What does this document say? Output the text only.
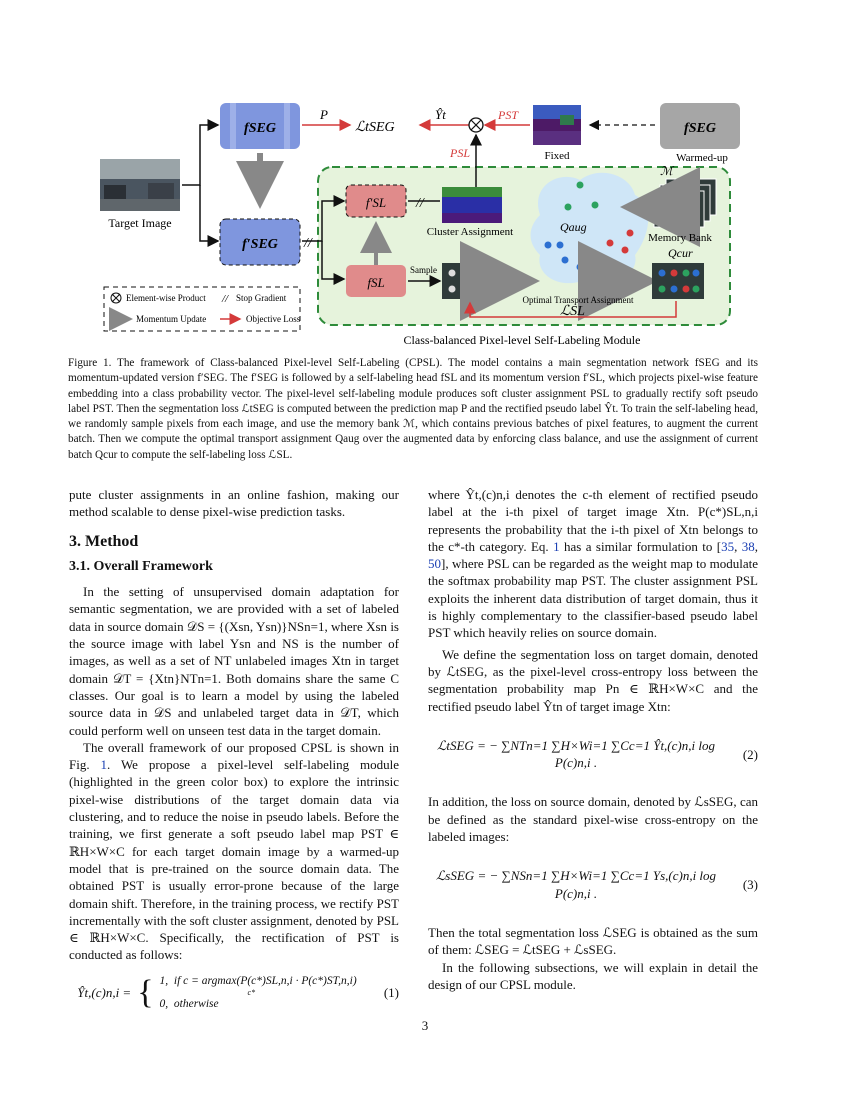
Target Image
fSEG
f′SEG
P
ℒtSEG
Ŷt	PST
PSL	Fixed
fSEG
Warmed-up
//
f′SL //
Cluster Assignment
fSL
Sample
Qaug
ℳ
Memory Bank
Qcur
Optimal Transport Assignment
ℒSL
Element-wise Product // Stop Gradient
Momentum Update	Objective Loss
Class-balanced Pixel-level Self-Labeling Module
Figure 1. The framework of Class-balanced Pixel-level Self-Labeling (CPSL). The model contains a main segmentation network fSEG and its momentum-updated version f′SEG. The f′SEG is followed by a self-labeling head fSL and its momentum version f′SL, which projects pixel-wise feature embedding into a class probability vector. The pixel-level self-labeling module produces soft cluster assignment PSL to gradually rectify soft pseudo label PST. Then the segmentation loss ℒtSEG is computed between the prediction map P and the rectified pseudo label Ŷt. To train the self-labeling head, we randomly sample pixels from each image, and use the memory bank ℳ, which contains previous batches of pixel features, to augment the current batch. Then we compute the optimal transport assignment Qaug over the augmented data by enforcing class balance, and use the assignment of current batch Qcur to compute the self-labeling loss ℒSL.

pute cluster assignments in an online fashion, making our method scalable to dense pixel-wise prediction tasks.

3. Method
3.1. Overall Framework

In the setting of unsupervised domain adaptation for semantic segmentation, we are provided with a set of labeled data in source domain 𝒟S = {(Xsn, Ysn)}NSn=1, where Xsn is the source image with label Ysn and NS is the number of images, as well as a set of NT unlabeled images Xtn in target domain 𝒟T = {Xtn}NTn=1. Both domains share the same C classes. Our goal is to learn a model by using the labeled source data in 𝒟S and unlabeled target data in 𝒟T, which could perform well on unseen test data in the target domain.

The overall framework of our proposed CPSL is shown in Fig. 1. We propose a pixel-level self-labeling module (highlighted in the green color box) to explore the intrinsic pixel-wise distributions of the target domain data via clustering, and to reduce the noise in pseudo labels. Before the training, we first generate a soft pseudo label map PST ∈ ℝH×W×C for each target domain image by a warmed-up model that is pre-trained on the source domain data. The obtained PST is usually error-prone because of the large domain shift. Therefore, in the training process, we rectify PST incrementally with the soft cluster assignment, denoted by PSL ∈ ℝH×W×C. Specifically, the rectification of PST is conducted as follows:

Ŷt,(c)n,i = { 1, if c = argmax(P(c*)SL,n,i · P(c*)ST,n,i)
c*
0, otherwise
(1)

where Ŷt,(c)n,i denotes the c-th element of rectified pseudo label at the i-th pixel of target image Xtn. P(c*)SL,n,i represents the probability that the i-th pixel of Xtn belongs to the c*-th category. Eq. 1 has a similar formulation to [35, 38, 50], where PSL can be regarded as the weight map to modulate the softmax probability map PST. The cluster assignment PSL exploits the inherent data distribution of target domain, thus it is highly complementary to the classifier-based pseudo label PST which heavily relies on source domain.

We define the segmentation loss on target domain, denoted by ℒtSEG, as the pixel-level cross-entropy loss between the segmentation probability map Pn ∈ ℝH×W×C and the rectified pseudo label Ŷtn of target image Xtn:

ℒtSEG = − ∑NTn=1 ∑H×Wi=1 ∑Cc=1 Ŷt,(c)n,i log P(c)n,i .
(2)

In addition, the loss on source domain, denoted by ℒsSEG, can be defined as the standard pixel-wise cross-entropy on the labeled images:

ℒsSEG = − ∑NSn=1 ∑H×Wi=1 ∑Cc=1 Ys,(c)n,i log P(c)n,i .
(3)

Then the total segmentation loss ℒSEG is obtained as the sum of them: ℒSEG = ℒtSEG + ℒsSEG.

In the following subsections, we will explain in detail the design of our CPSL module.

3
